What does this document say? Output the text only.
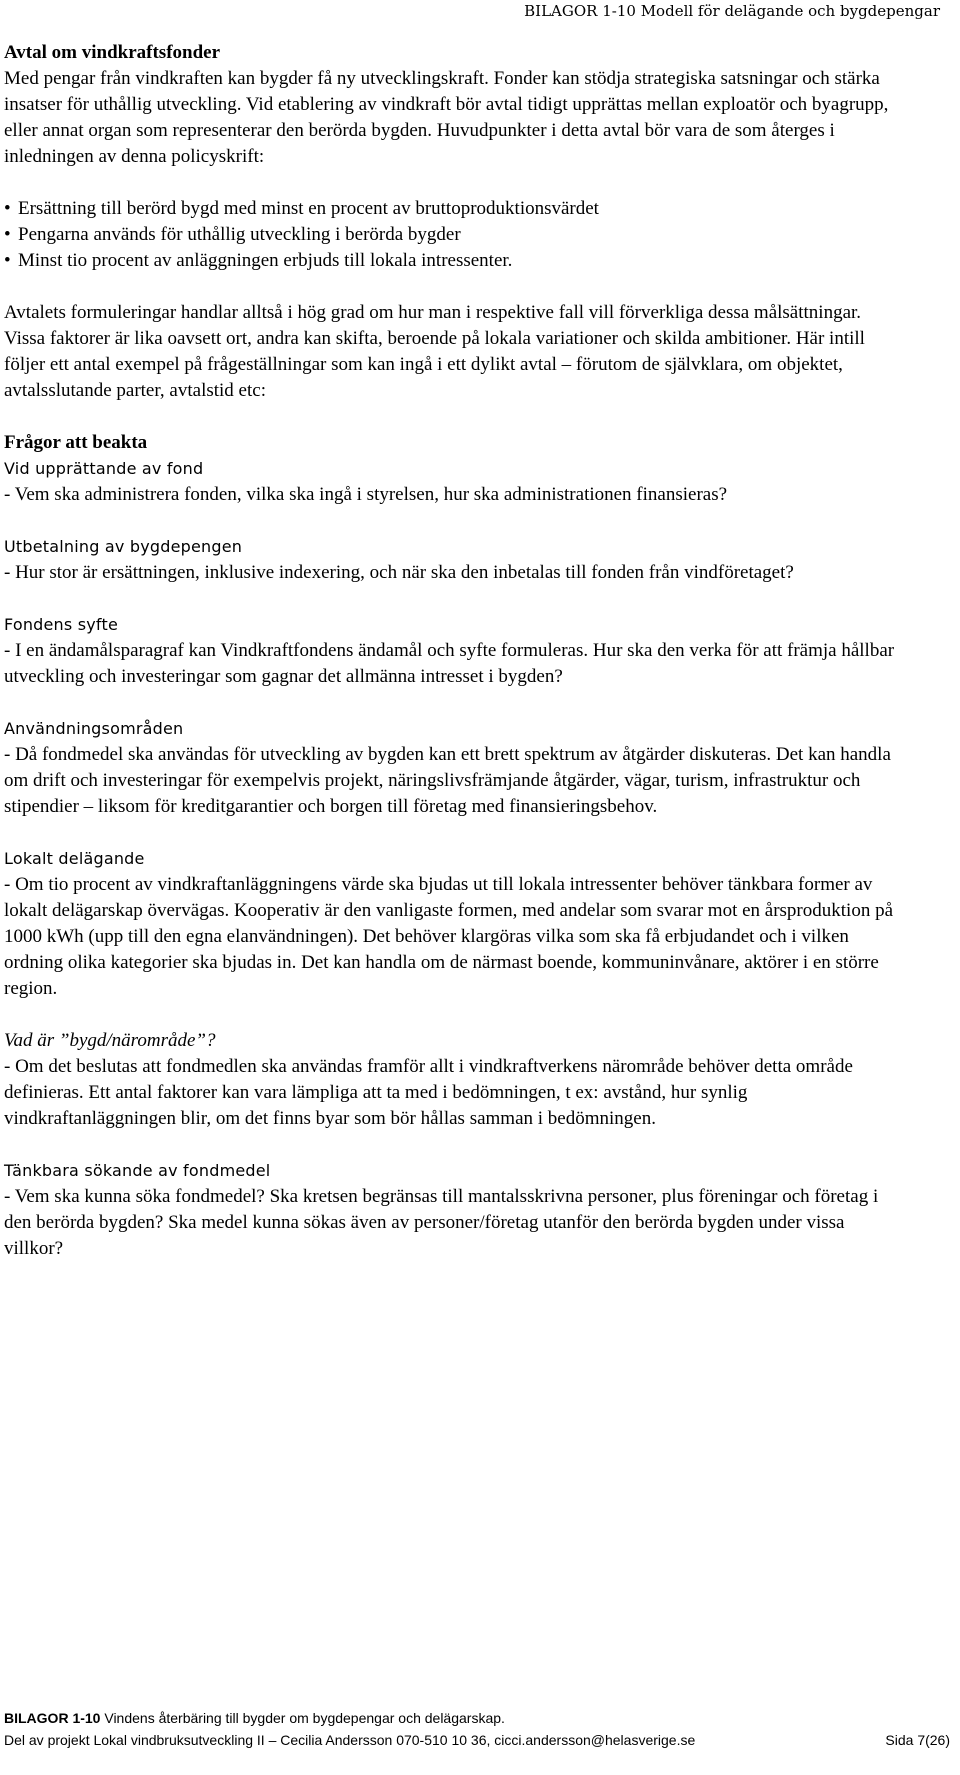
BILAGOR 1-10 Modell för delägande och bygdepengar

Avtal om vindkraftsfonder

Med pengar från vindkraften kan bygder få ny utvecklingskraft. Fonder kan stödja strategiska satsningar och stärka insatser för uthållig utveckling. Vid etablering av vindkraft bör avtal tidigt upprättas mellan exploatör och byagrupp, eller annat organ som representerar den berörda bygden. Huvudpunkter i detta avtal bör vara de som återges i inledningen av denna policyskrift:

• Ersättning till berörd bygd med minst en procent av bruttoproduktionsvärdet
• Pengarna används för uthållig utveckling i berörda bygder
• Minst tio procent av anläggningen erbjuds till lokala intressenter.

Avtalets formuleringar handlar alltså i hög grad om hur man i respektive fall vill förverkliga dessa målsättningar. Vissa faktorer är lika oavsett ort, andra kan skifta, beroende på lokala variationer och skilda ambitioner. Här intill följer ett antal exempel på frågeställningar som kan ingå i ett dylikt avtal – förutom de självklara, om objektet, avtalsslutande parter, avtalstid etc:

Frågor att beakta

Vid upprättande av fond

- Vem ska administrera fonden, vilka ska ingå i styrelsen, hur ska administrationen finansieras?

Utbetalning av bygdepengen

- Hur stor är ersättningen, inklusive indexering, och när ska den inbetalas till fonden från vindföretaget?

Fondens syfte

- I en ändamålsparagraf kan Vindkraftfondens ändamål och syfte formuleras. Hur ska den verka för att främja hållbar utveckling och investeringar som gagnar det allmänna intresset i bygden?

Användningsområden

- Då fondmedel ska användas för utveckling av bygden kan ett brett spektrum av åtgärder diskuteras. Det kan handla om drift och investeringar för exempelvis projekt, näringslivsfrämjande åtgärder, vägar, turism, infrastruktur och stipendier – liksom för kreditgarantier och borgen till företag med finansieringsbehov.

Lokalt delägande

- Om tio procent av vindkraftanläggningens värde ska bjudas ut till lokala intressenter behöver tänkbara former av lokalt delägarskap övervägas. Kooperativ är den vanligaste formen, med andelar som svarar mot en årsproduktion på 1000 kWh (upp till den egna elanvändningen). Det behöver klargöras vilka som ska få erbjudandet och i vilken ordning olika kategorier ska bjudas in. Det kan handla om de närmast boende, kommuninvånare, aktörer i en större region.

Vad är ”bygd/närområde”?

- Om det beslutas att fondmedlen ska användas framför allt i vindkraftverkens närområde behöver detta område definieras. Ett antal faktorer kan vara lämpliga att ta med i bedömningen, t ex: avstånd, hur synlig vindkraftanläggningen blir, om det finns byar som bör hållas samman i bedömningen.

Tänkbara sökande av fondmedel

- Vem ska kunna söka fondmedel? Ska kretsen begränsas till mantalsskrivna personer, plus föreningar och företag i den berörda bygden? Ska medel kunna sökas även av personer/företag utanför den berörda bygden under vissa villkor?

BILAGOR 1-10 Vindens återbäring till bygder om bygdepengar och delägarskap.
Del av projekt Lokal vindbruksutveckling II – Cecilia Andersson 070-510 10 36, cicci.andersson@helasverige.se	Sida 7(26)
